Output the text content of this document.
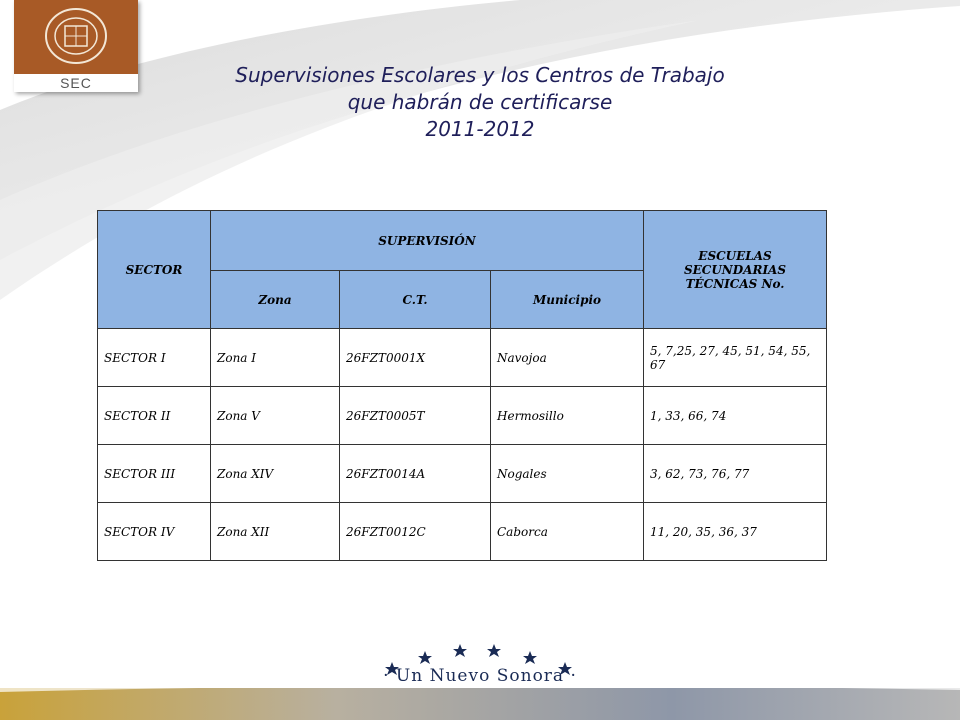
SEC	Supervisiones Escolares y los Centros de Trabajo
que habrán de certificarse
2011-2012
SECTOR	SUPERVISIÓN			ESCUELAS SECUNDARIAS TÉCNICAS No.
	Zona	C.T.	Municipio	
SECTOR I	Zona I	26FZT0001X	Navojoa	5, 7,25, 27, 45, 51, 54, 55, 67
SECTOR II	Zona V	26FZT0005T	Hermosillo	1, 33, 66, 74
SECTOR III	Zona XIV	26FZT0014A	Nogales	3, 62, 73, 76, 77
SECTOR IV	Zona XII	26FZT0012C	Caborca	11, 20, 35, 36, 37
· Un Nuevo Sonora ·
